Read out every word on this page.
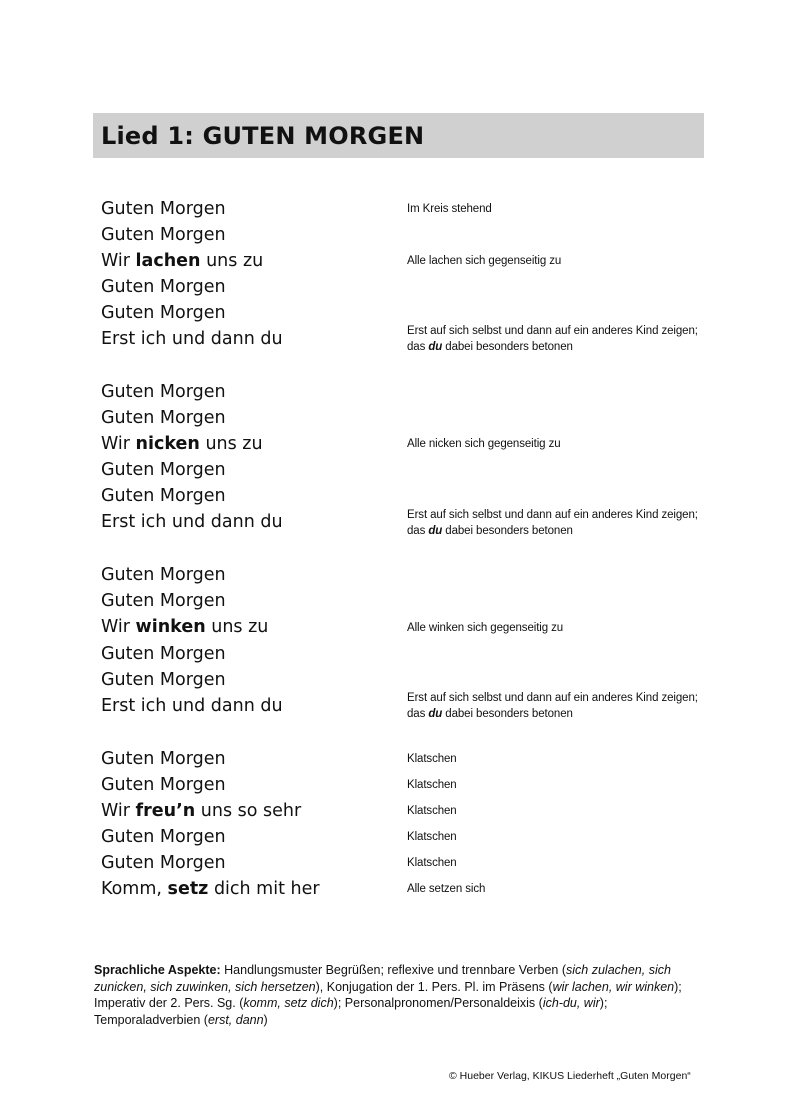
Lied 1: GUTEN MORGEN
Guten Morgen
Guten Morgen
Wir lachen uns zu
Guten Morgen
Guten Morgen
Erst ich und dann du
Im Kreis stehend
Alle lachen sich gegenseitig zu
Erst auf sich selbst und dann auf ein anderes Kind zeigen;
das du dabei besonders betonen
Guten Morgen
Guten Morgen
Wir nicken uns zu
Guten Morgen
Guten Morgen
Erst ich und dann du
Alle nicken sich gegenseitig zu
Erst auf sich selbst und dann auf ein anderes Kind zeigen;
das du dabei besonders betonen
Guten Morgen
Guten Morgen
Wir winken uns zu
Guten Morgen
Guten Morgen
Erst ich und dann du
Alle winken sich gegenseitig zu
Erst auf sich selbst und dann auf ein anderes Kind zeigen;
das du dabei besonders betonen
Guten Morgen
Guten Morgen
Wir freu’n uns so sehr
Guten Morgen
Guten Morgen
Komm, setz dich mit her
Klatschen
Klatschen
Klatschen
Klatschen
Klatschen
Alle setzen sich
Sprachliche Aspekte: Handlungsmuster Begrüßen; reflexive und trennbare Verben (sich zulachen, sich zunicken, sich zuwinken, sich hersetzen), Konjugation der 1. Pers. Pl. im Präsens (wir lachen, wir winken); Imperativ der 2. Pers. Sg. (komm, setz dich); Personalpronomen/Personaldeixis (ich-du, wir); Temporaladverbien (erst, dann)
© Hueber Verlag, KIKUS Liederheft „Guten Morgen“
